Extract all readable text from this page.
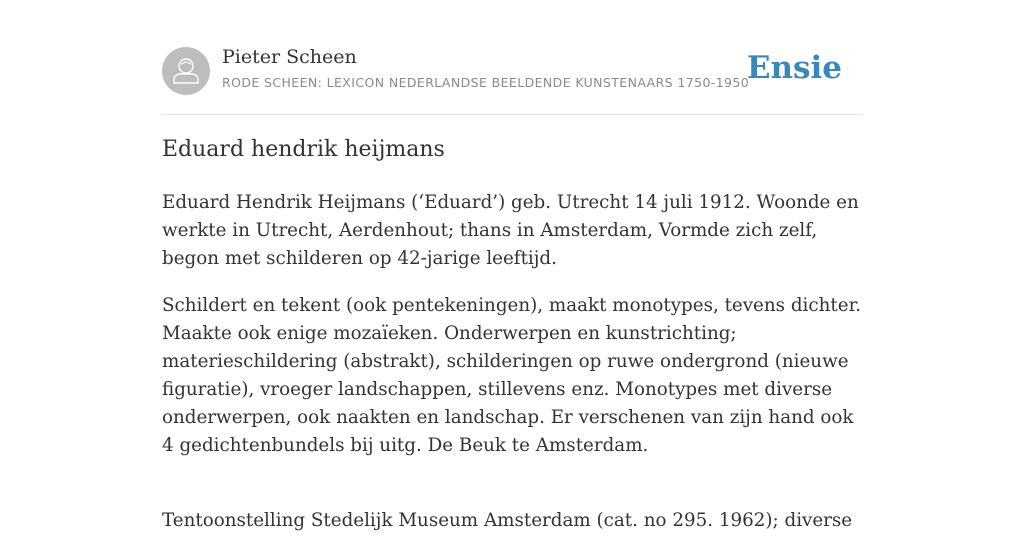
Pieter Scheen
RODE SCHEEN: LEXICON NEDERLANDSE BEELDENDE KUNSTENAARS 1750-1950
Ensie
Eduard hendrik heijmans

Eduard Hendrik Heijmans (‘Eduard’) geb. Utrecht 14 juli 1912. Woonde en werkte in Utrecht, Aerdenhout; thans in Amsterdam, Vormde zich zelf, begon met schilderen op 42-jarige leeftijd.

Schildert en tekent (ook pentekeningen), maakt monotypes, tevens dichter. Maakte ook enige mozaïeken. Onderwerpen en kunstrichting; materieschildering (abstrakt), schilderingen op ruwe ondergrond (nieuwe figuratie), vroeger landschappen, stillevens enz. Monotypes met diverse onderwerpen, ook naakten en landschap. Er verschenen van zijn hand ook 4 gedichtenbundels bij uitg. De Beuk te Amsterdam.

Tentoonstelling Stedelijk Museum Amsterdam (cat. no 295. 1962); diverse
